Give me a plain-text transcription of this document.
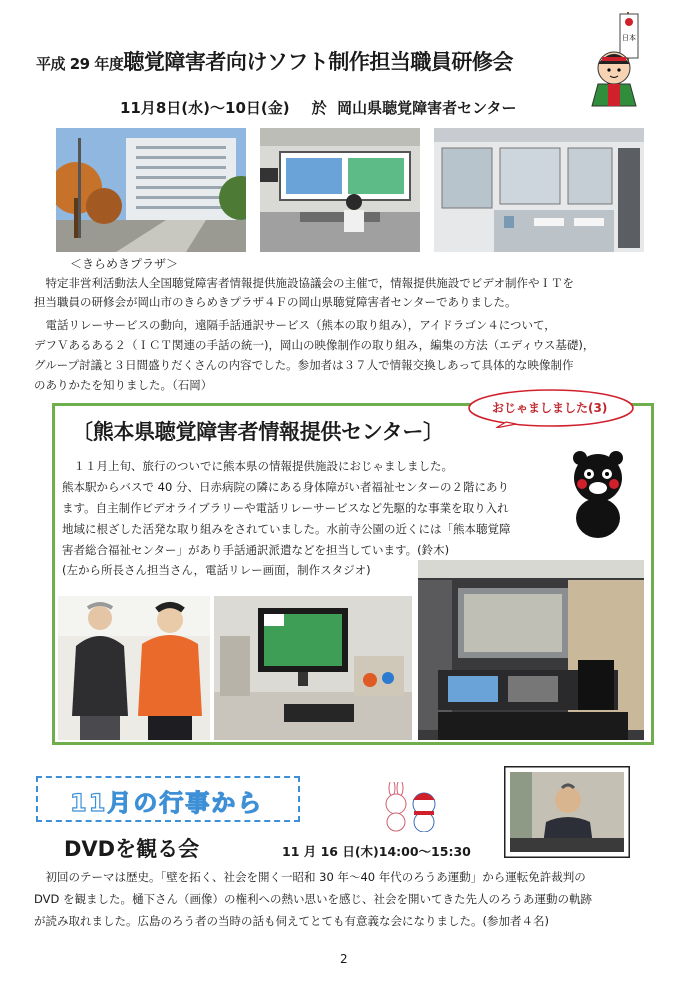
平成 29 年度聴覚障害者向けソフト制作担当職員研修会
日本
11月8日(水)〜10日(金) 於 岡山県聴覚障害者センター
＜きらめきプラザ＞
　特定非営利活動法人全国聴覚障害者情報提供施設協議会の主催で，情報提供施設でビデオ制作やＩＴを
担当職員の研修会が岡山市のきらめきプラザ４Ｆの岡山県聴覚障害者センターでありました。
　電話リレーサービスの動向，遠隔手話通訳サービス（熊本の取り組み），アイドラゴン４について，
デフＶあるある２（ＩＣＴ関連の手話の統一)，岡山の映像制作の取り組み，編集の方法（エディウス基礎)，
グループ討議と３日間盛りだくさんの内容でした。参加者は３７人で情報交換しあって具体的な映像制作
のありかたを知りました。（石岡）
おじゃましました(3)
〔熊本県聴覚障害者情報提供センター〕
　１１月上旬、旅行のついでに熊本県の情報提供施設におじゃましました。
熊本駅からバスで 40 分、日赤病院の隣にある身体障がい者福祉センターの２階にあり
ます。自主制作ビデオライブラリーや電話リレーサービスなど先駆的な事業を取り入れ
地域に根ざした活発な取り組みをされていました。水前寺公園の近くには「熊本聴覚障
害者総合福祉センター」があり手話通訳派遣などを担当しています。(鈴木)
(左から所長さん担当さん，電話リレー画面，制作スタジオ)
11月の行事から
DVDを観る会	11 月 16 日(木)14:00〜15:30
　初回のテーマは歴史。「壁を拓く、社会を開く一昭和 30 年〜40 年代のろうあ運動」から運転免許裁判の
DVD を観ました。樋下さん（画像）の権利への熱い思いを感じ、社会を開いてきた先人のろうあ運動の軌跡
が読み取れました。広島のろう者の当時の話も伺えてとても有意義な会になりました。(参加者４名)
2
